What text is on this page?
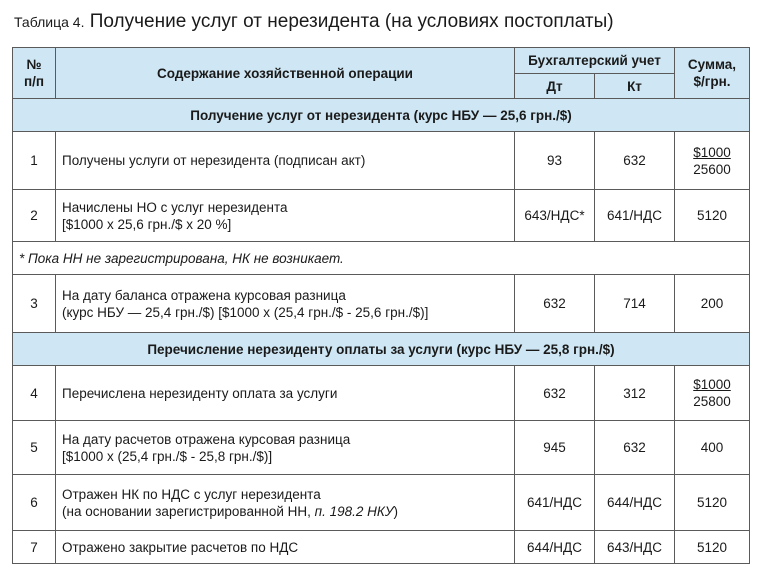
Таблица 4. Получение услуг от нерезидента (на условиях постоплаты)
№ п/п	Содержание хозяйственной операции	Бухгалтерский учет		Сумма, $/грн.
		Дт	Кт	
Получение услуг от нерезидента (курс НБУ — 25,6 грн./$)				
1	Получены услуги от нерезидента (подписан акт)	93	632	$1000
25600

2	Начислены НО с услуг нерезидента
[$1000 x 25,6 грн./$ x 20 %]	643/НДС*	641/НДС	5120
* Пока НН не зарегистрирована, НК не возникает.				
3	На дату баланса отражена курсовая разница
(курс НБУ — 25,4 грн./$) [$1000 x (25,4 грн./$ - 25,6 грн./$)]	632	714	200
Перечисление нерезиденту оплаты за услуги (курс НБУ — 25,8 грн./$)				
4	Перечислена нерезиденту оплата за услуги	632	312	$1000
25800

5	На дату расчетов отражена курсовая разница
[$1000 x (25,4 грн./$ - 25,8 грн./$)]	945	632	400
6	Отражен НК по НДС с услуг нерезидента
(на основании зарегистрированной НН, п. 198.2 НКУ)	641/НДС	644/НДС	5120
7	Отражено закрытие расчетов по НДС	644/НДС	643/НДС	5120
